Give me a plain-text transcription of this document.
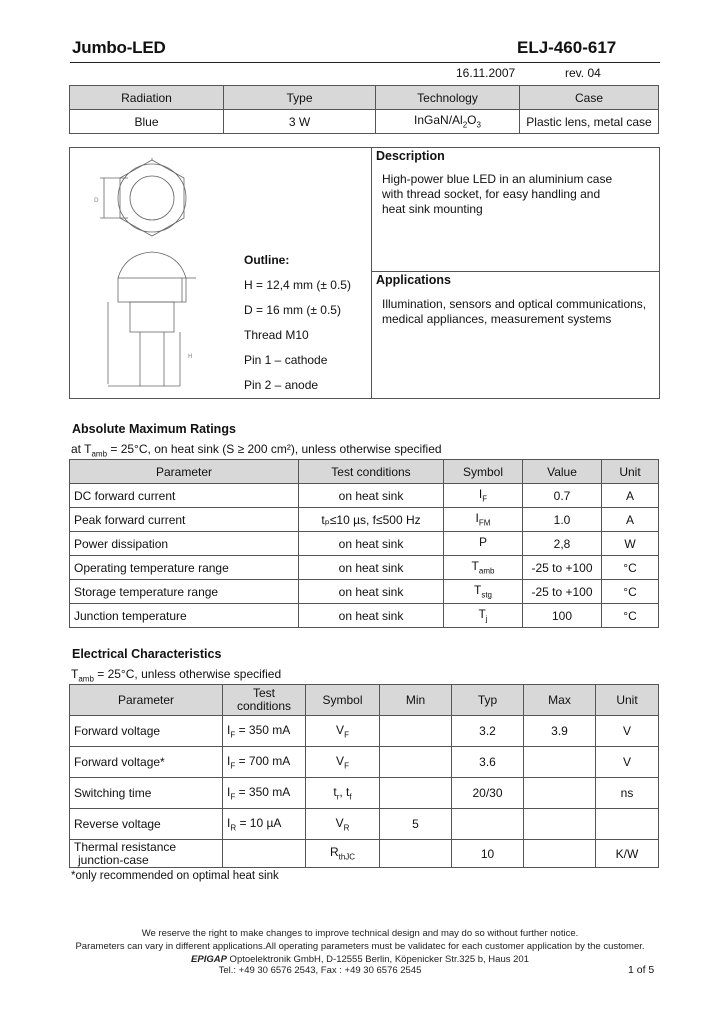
Jumbo-LED	ELJ-460-617
16.11.2007	rev. 04
Radiation	Type	Technology	Case
Blue	3 W	InGaN/$Al_2O_3$	Plastic lens, metal case
D
H
Outline:
H = 12,4 mm (± 0.5)
D = 16 mm (± 0.5)
Thread M10
Pin 1 – cathode
Pin 2 – anode
Description
High-power blue LED in an aluminium case
with thread socket, for easy handling and
heat sink mounting
Applications
Illumination, sensors and optical communications,
medical appliances, measurement systems
Absolute Maximum Ratings
at $T_{amb} = 25^\circ C$, on heat sink (S ≥ 200 cm²), unless otherwise specified
Parameter	Test conditions	Symbol	Value	Unit
DC forward current	on heat sink	$I_F$	0.7	A
Peak forward current	tₚ≤10 µs, f≤500 Hz	$I_{FM}$	1.0	A
Power dissipation	on heat sink	P	2,8	W
Operating temperature range	on heat sink	$T_{amb}$	-25 to +100	°C
Storage temperature range	on heat sink	$T_{stg}$	-25 to +100	°C
Junction temperature	on heat sink	$T_j$	100	°C
Electrical Characteristics
$T_{amb} = 25^\circ C$, unless otherwise specified
Parameter	Test conditions	Symbol	Min	Typ	Max	Unit
Forward voltage	$I_F = 350$ mA	$V_F$		3.2	3.9	V
Forward voltage*	$I_F = 700$ mA	$V_F$		3.6		V
Switching time	$I_F = 350$ mA	$t_r$, $t_f$		20/30		ns
Reverse voltage	$I_R = 10$ µA	$V_R$	5			

Thermal resistance
junction-case		$R_{thJC}$		10		K/W
*only recommended on optimal heat sink
We reserve the right to make changes to improve technical design and may do so without further notice.
Parameters can vary in different applications.All operating parameters must be validatec for each customer application by the customer.
EPIGAP Optoelektronik GmbH, D-12555 Berlin, Köpenicker Str.325 b, Haus 201
Tel.: +49 30 6576 2543, Fax : +49 30 6576 2545	1 of 5
